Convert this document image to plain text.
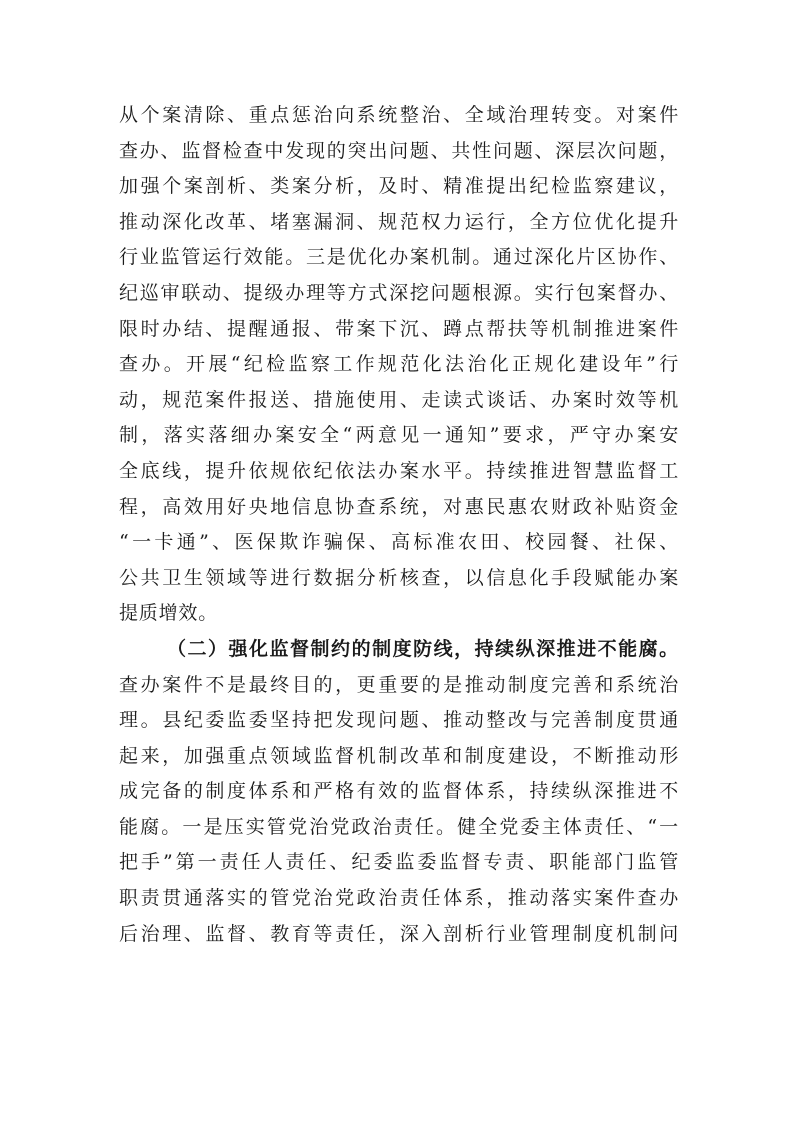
从个案清除、重点惩治向系统整治、全域治理转变。对案件
查办、监督检查中发现的突出问题、共性问题、深层次问题，
加强个案剖析、类案分析，及时、精准提出纪检监察建议，
推动深化改革、堵塞漏洞、规范权力运行，全方位优化提升
行业监管运行效能。三是优化办案机制。通过深化片区协作、
纪巡审联动、提级办理等方式深挖问题根源。实行包案督办、
限时办结、提醒通报、带案下沉、蹲点帮扶等机制推进案件
查办。开展“纪检监察工作规范化法治化正规化建设年”行
动，规范案件报送、措施使用、走读式谈话、办案时效等机
制，落实落细办案安全“两意见一通知”要求，严守办案安
全底线，提升依规依纪依法办案水平。持续推进智慧监督工
程，高效用好央地信息协查系统，对惠民惠农财政补贴资金
“一卡通”、医保欺诈骗保、高标准农田、校园餐、社保、
公共卫生领域等进行数据分析核查，以信息化手段赋能办案
提质增效。
（二）强化监督制约的制度防线，持续纵深推进不能腐。
查办案件不是最终目的，更重要的是推动制度完善和系统治
理。县纪委监委坚持把发现问题、推动整改与完善制度贯通
起来，加强重点领域监督机制改革和制度建设，不断推动形
成完备的制度体系和严格有效的监督体系，持续纵深推进不
能腐。一是压实管党治党政治责任。健全党委主体责任、“一
把手”第一责任人责任、纪委监委监督专责、职能部门监管
职责贯通落实的管党治党政治责任体系，推动落实案件查办
后治理、监督、教育等责任，深入剖析行业管理制度机制问
